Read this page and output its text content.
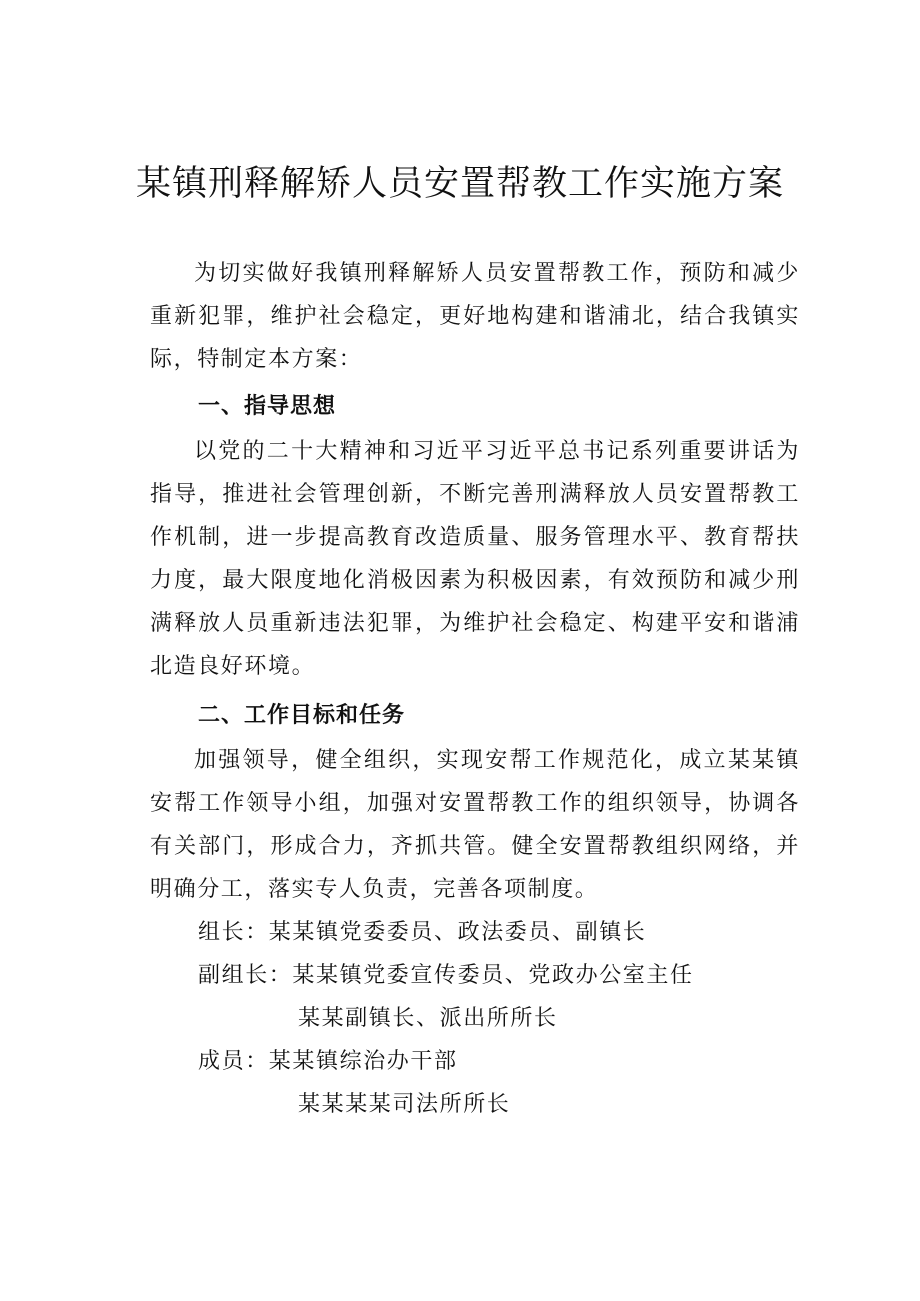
某镇刑释解矫人员安置帮教工作实施方案

为切实做好我镇刑释解矫人员安置帮教工作，预防和减少重新犯罪，维护社会稳定，更好地构建和谐浦北，结合我镇实际，特制定本方案：

一、指导思想

以党的二十大精神和习近平习近平总书记系列重要讲话为指导，推进社会管理创新，不断完善刑满释放人员安置帮教工作机制，进一步提高教育改造质量、服务管理水平、教育帮扶力度，最大限度地化消极因素为积极因素，有效预防和减少刑满释放人员重新违法犯罪，为维护社会稳定、构建平安和谐浦北造良好环境。

二、工作目标和任务

加强领导，健全组织，实现安帮工作规范化，成立某某镇安帮工作领导小组，加强对安置帮教工作的组织领导，协调各有关部门，形成合力，齐抓共管。健全安置帮教组织网络，并明确分工，落实专人负责，完善各项制度。

组长：某某镇党委委员、政法委员、副镇长

副组长：某某镇党委宣传委员、党政办公室主任

某某副镇长、派出所所长

成员：某某镇综治办干部

某某某某司法所所长
